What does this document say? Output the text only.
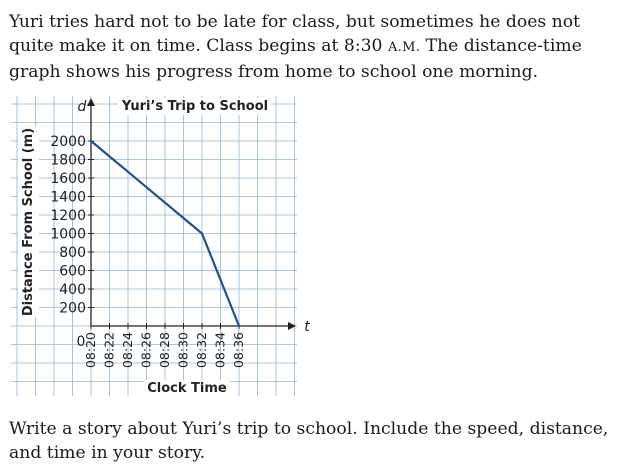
Yuri tries hard not to be late for class, but sometimes he does not quite make it on time. Class begins at 8:30 A.M. The distance-time graph shows his progress from home to school one morning.

200
400
600
800
1000
1200
1400
1600
1800
2000
08:20 08:22 08:24 08:26 08:28 08:30 08:32 08:34 08:36
0
d
t
Yuri’s Trip to School
Clock Time
Distance From School (m)

Write a story about Yuri’s trip to school. Include the speed, distance, and time in your story.
